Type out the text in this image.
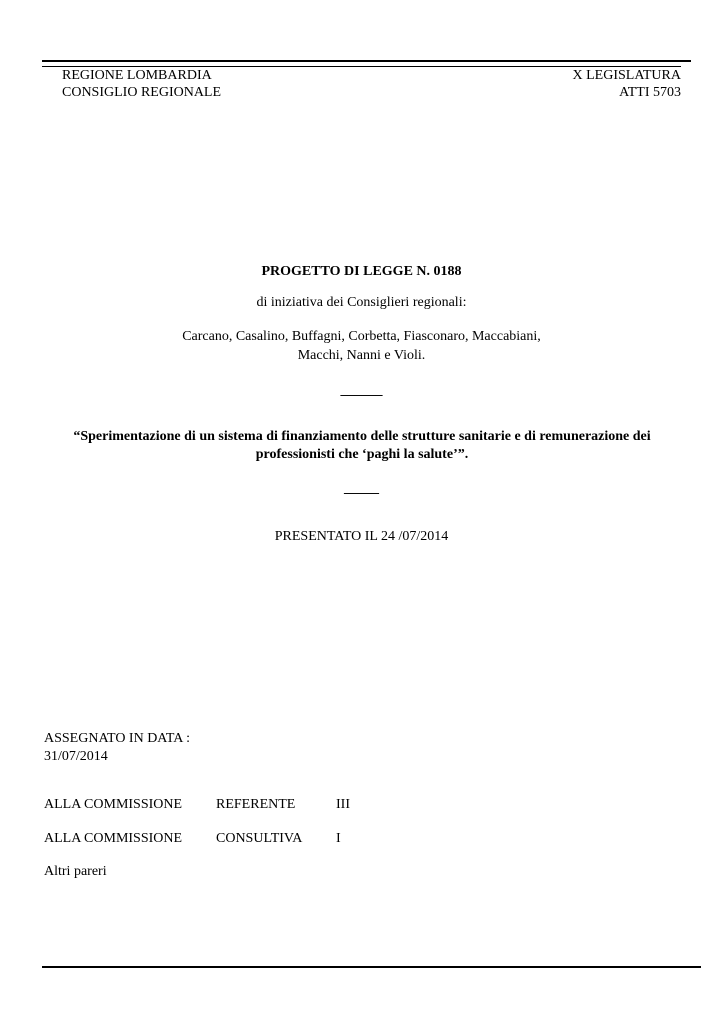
REGIONE LOMBARDIA
CONSIGLIO REGIONALE
X LEGISLATURA
ATTI 5703
PROGETTO DI LEGGE N. 0188
di iniziativa dei Consiglieri regionali:
Carcano, Casalino, Buffagni, Corbetta, Fiasconaro, Maccabiani,
Macchi, Nanni e Violi.
______
“Sperimentazione di un sistema di finanziamento delle strutture sanitarie e di remunerazione dei
professionisti che ‘paghi la salute’”.
_____
PRESENTATO IL 24 /07/2014
ASSEGNATO IN DATA :
31/07/2014
ALLA COMMISSIONE REFERENTE	III
ALLA COMMISSIONE CONSULTIVA I
Altri pareri
